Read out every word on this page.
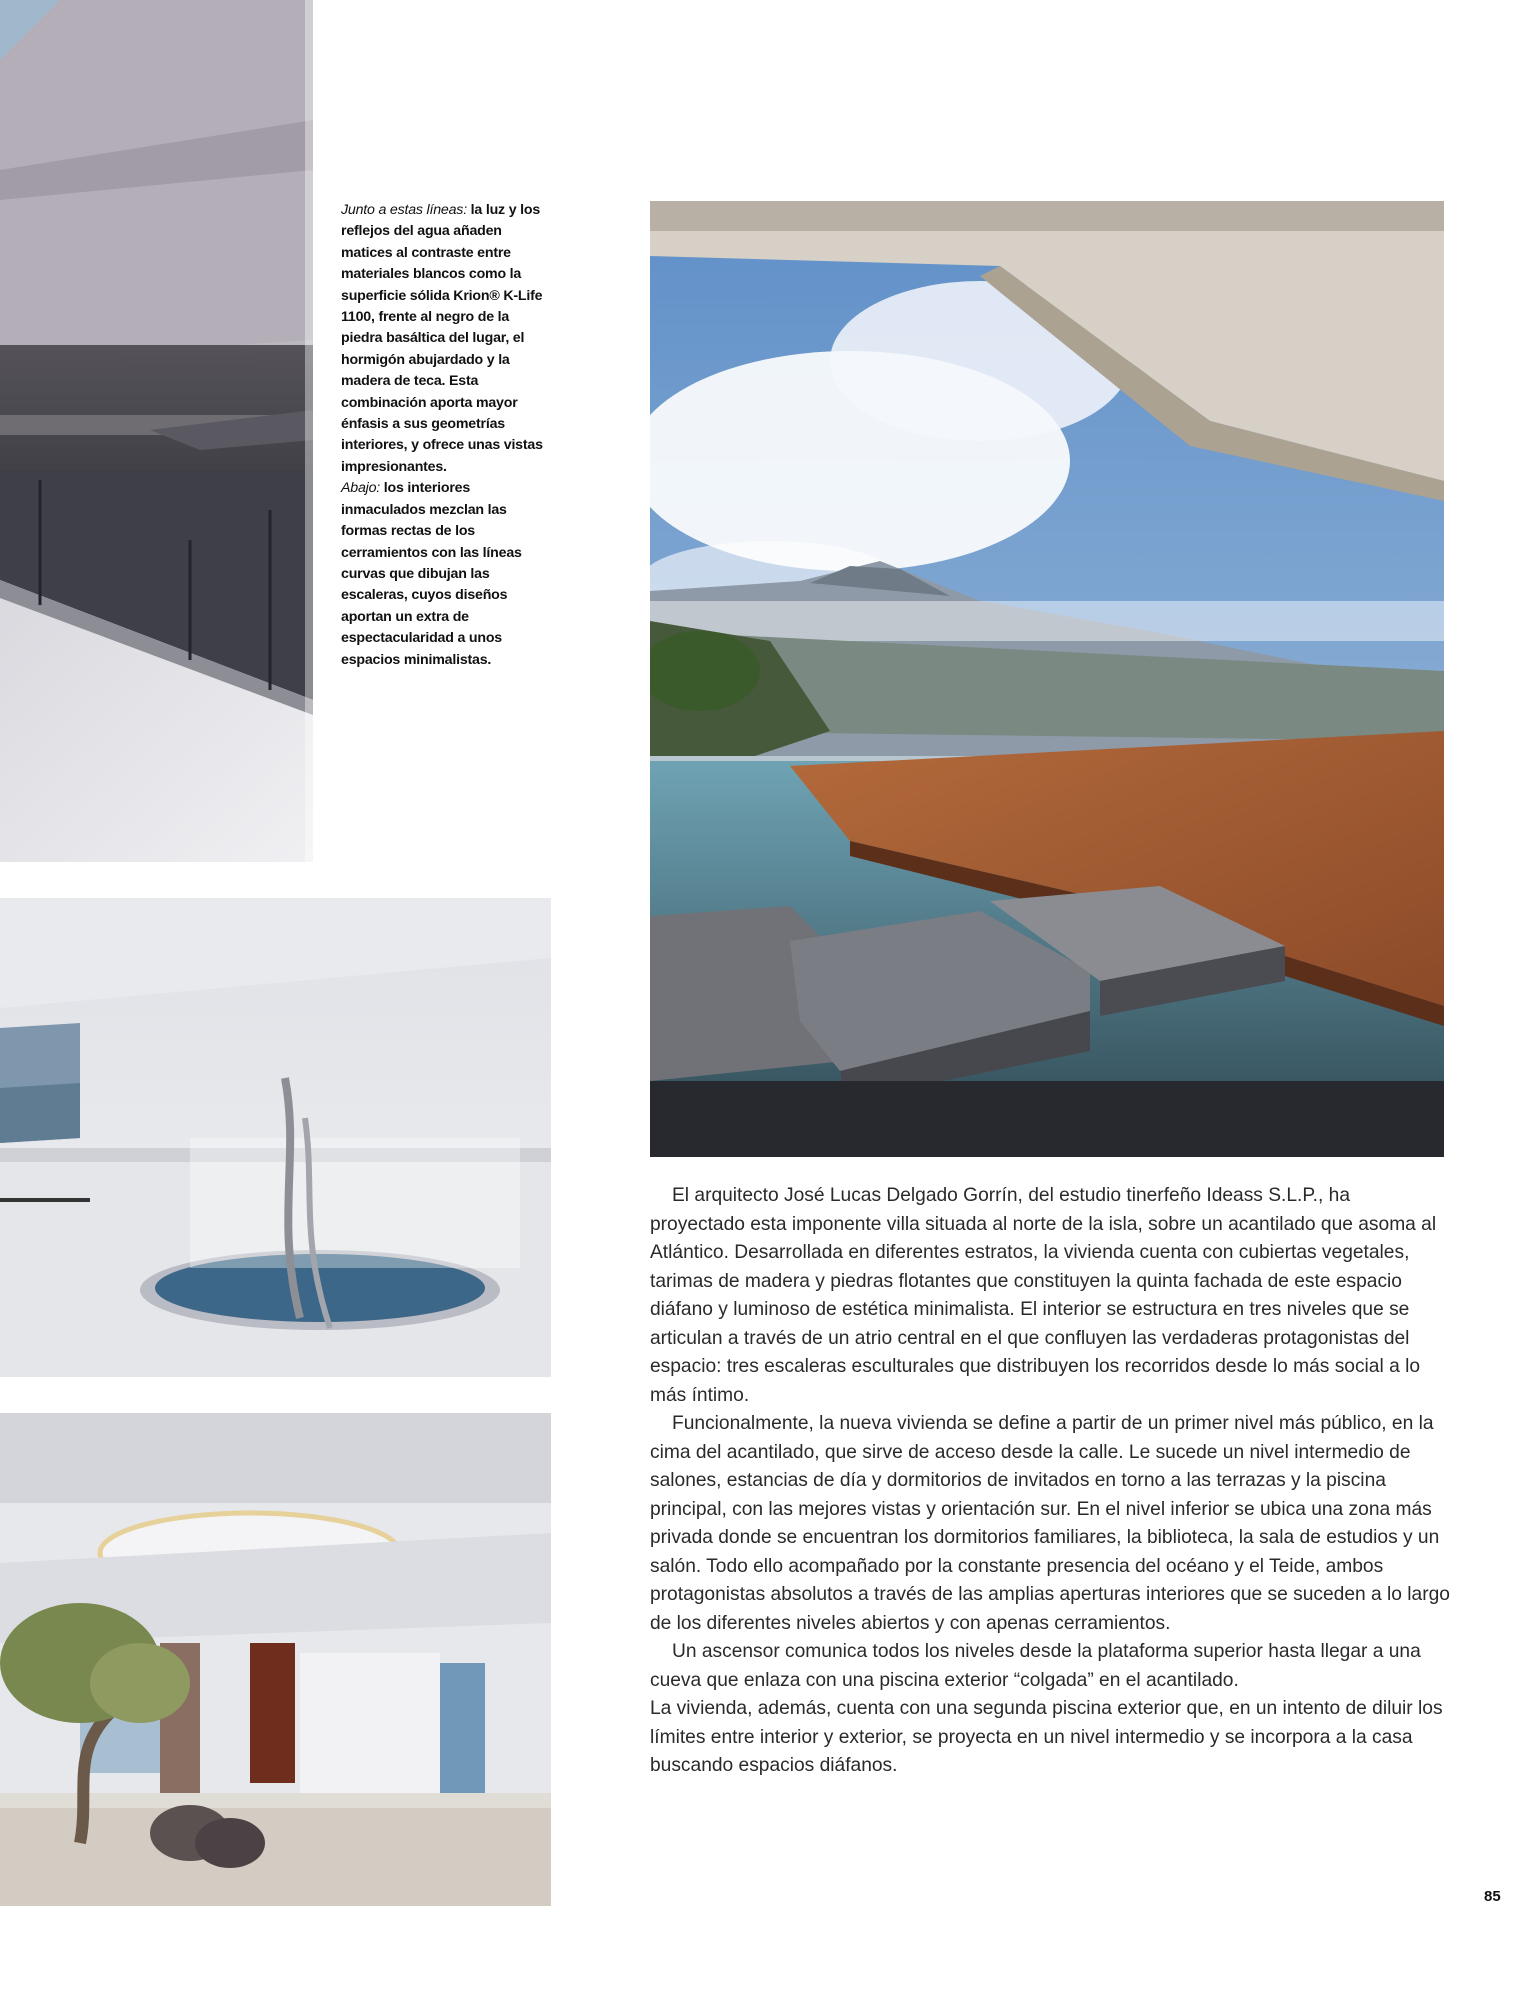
Junto a estas líneas: la luz y los reflejos del agua añaden matices al contraste entre materiales blancos como la superficie sólida Krion® K-Life 1100, frente al negro de la piedra basáltica del lugar, el hormigón abujardado y la madera de teca. Esta combinación aporta mayor énfasis a sus geometrías interiores, y ofrece unas vistas impresionantes.
Abajo: los interiores inmaculados mezclan las formas rectas de los cerramientos con las líneas curvas que dibujan las escaleras, cuyos diseños aportan un extra de espectacularidad a unos espacios minimalistas.

El arquitecto José Lucas Delgado Gorrín, del estudio tinerfeño Ideass S.L.P., ha proyectado esta imponente villa situada al norte de la isla, sobre un acantilado que asoma al Atlántico. Desarrollada en diferentes estratos, la vivienda cuenta con cubiertas vegetales, tarimas de madera y piedras flotantes que constituyen la quinta fachada de este espacio diáfano y luminoso de estética minimalista. El interior se estructura en tres niveles que se articulan a través de un atrio central en el que confluyen las verdaderas protagonistas del espacio: tres escaleras esculturales que distribuyen los recorridos desde lo más social a lo más íntimo.

Funcionalmente, la nueva vivienda se define a partir de un primer nivel más público, en la cima del acantilado, que sirve de acceso desde la calle. Le sucede un nivel intermedio de salones, estancias de día y dormitorios de invitados en torno a las terrazas y la piscina principal, con las mejores vistas y orientación sur. En el nivel inferior se ubica una zona más privada donde se encuentran los dormitorios familiares, la biblioteca, la sala de estudios y un salón. Todo ello acompañado por la constante presencia del océano y el Teide, ambos protagonistas absolutos a través de las amplias aperturas interiores que se suceden a lo largo de los diferentes niveles abiertos y con apenas cerramientos.

Un ascensor comunica todos los niveles desde la plataforma superior hasta llegar a una cueva que enlaza con una piscina exterior “colgada” en el acantilado.

La vivienda, además, cuenta con una segunda piscina exterior que, en un intento de diluir los límites entre interior y exterior, se proyecta en un nivel intermedio y se incorpora a la casa buscando espacios diáfanos.

85
